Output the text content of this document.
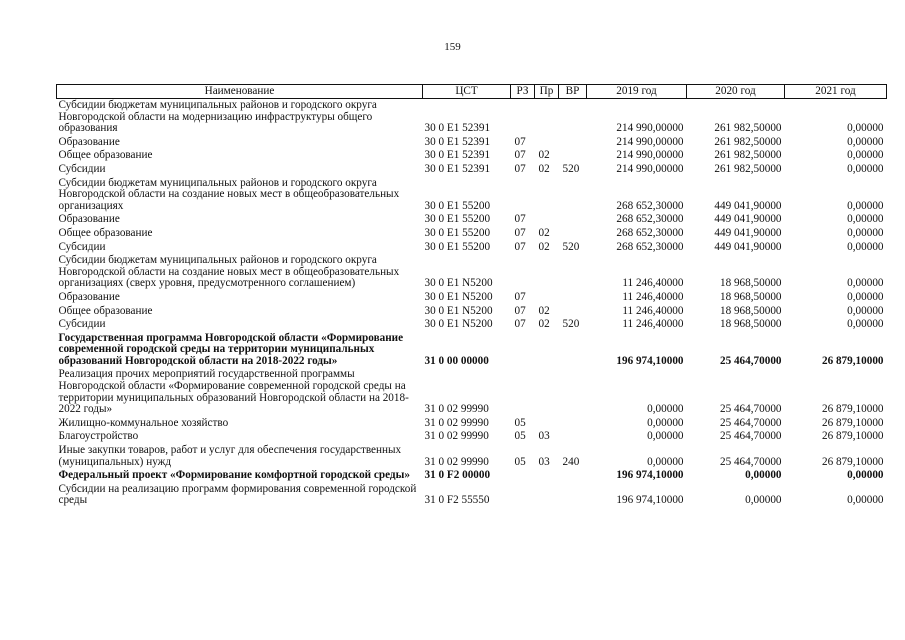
159
Наименование	ЦСТ	РЗ	Пр	ВР	2019 год	2020 год	2021 год
Субсидии бюджетам муниципальных районов и городского округа Новгородской области на модернизацию инфраструктуры общего образования	30 0 E1 52391				214 990,00000	261 982,50000	0,00000
Образование	30 0 E1 52391	07			214 990,00000	261 982,50000	0,00000
Общее образование	30 0 E1 52391	07	02		214 990,00000	261 982,50000	0,00000
Субсидии	30 0 E1 52391	07	02	520	214 990,00000	261 982,50000	0,00000
Субсидии бюджетам муниципальных районов и городского округа Новгородской области на создание новых мест в общеобразовательных организациях	30 0 E1 55200				268 652,30000	449 041,90000	0,00000
Образование	30 0 E1 55200	07			268 652,30000	449 041,90000	0,00000
Общее образование	30 0 E1 55200	07	02		268 652,30000	449 041,90000	0,00000
Субсидии	30 0 E1 55200	07	02	520	268 652,30000	449 041,90000	0,00000
Субсидии бюджетам муниципальных районов и городского округа Новгородской области на создание новых мест в общеобразовательных организациях (сверх уровня, предусмотренного соглашением)	30 0 E1 N5200				11 246,40000	18 968,50000	0,00000
Образование	30 0 E1 N5200	07			11 246,40000	18 968,50000	0,00000
Общее образование	30 0 E1 N5200	07	02		11 246,40000	18 968,50000	0,00000
Субсидии	30 0 E1 N5200	07	02	520	11 246,40000	18 968,50000	0,00000
Государственная программа Новгородской области «Формирование современной городской среды на территории муниципальных образований Новгородской области на 2018-2022 годы»	31 0 00 00000				196 974,10000	25 464,70000	26 879,10000
Реализация прочих мероприятий государственной программы Новгородской области «Формирование современной городской среды на территории муниципальных образований Новгородской области на 2018-2022 годы»	31 0 02 99990				0,00000	25 464,70000	26 879,10000
Жилищно-коммунальное хозяйство	31 0 02 99990	05			0,00000	25 464,70000	26 879,10000
Благоустройство	31 0 02 99990	05	03		0,00000	25 464,70000	26 879,10000
Иные закупки товаров, работ и услуг для обеспечения государственных (муниципальных) нужд	31 0 02 99990	05	03	240	0,00000	25 464,70000	26 879,10000
Федеральный проект «Формирование комфортной городской среды»	31 0 F2 00000				196 974,10000	0,00000	0,00000
Субсидии на реализацию программ формирования современной городской среды	31 0 F2 55550				196 974,10000	0,00000	0,00000
